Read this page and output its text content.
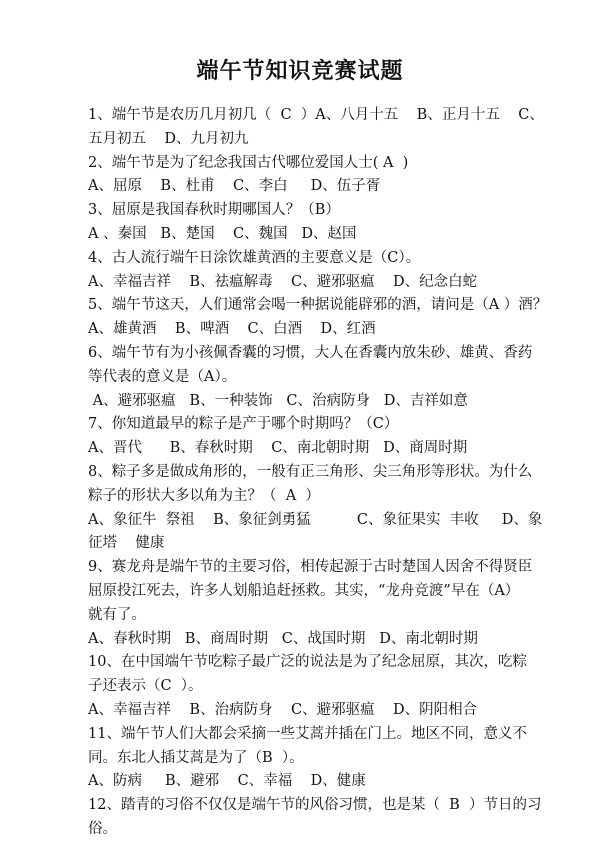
端午节知识竞赛试题
1、端午节是农历几月初几（  C  ）A、八月十五    B、正月十五    C、
五月初五    D、九月初九
2、端午节是为了纪念我国古代哪位爱国人士( A  )
A、屈原    B、杜甫    C、李白     D、伍子胥
3、屈原是我国春秋时期哪国人？（B）
A 、秦国   B、楚国    C、魏国   D、赵国
4、古人流行端午日涂饮雄黄酒的主要意义是（C）。
A、幸福吉祥    B、祛瘟解毒    C、避邪驱瘟    D、纪念白蛇
5、端午节这天，人们通常会喝一种据说能辟邪的酒，请问是（A ）酒？
A、雄黄酒    B、啤酒    C、白酒    D、红酒
6、端午节有为小孩佩香囊的习惯，大人在香囊内放朱砂、雄黄、香药
等代表的意义是（A）。
A、避邪驱瘟   B、一种装饰   C、治病防身   D、吉祥如意
7、你知道最早的粽子是产于哪个时期吗？（C）
A、晋代      B、春秋时期    C、南北朝时期   D、商周时期
8、粽子多是做成角形的，一般有正三角形、尖三角形等形状。为什么
粽子的形状大多以角为主？（  A  ）
A、象征牛  祭祖    B、象征剑勇猛          C、象征果实  丰收     D、象
征塔    健康
9、赛龙舟是端午节的主要习俗，相传起源于古时楚国人因舍不得贤臣
屈原投江死去，许多人划船追赶拯救。其实，“龙舟竞渡”早在（A）
就有了。
A、春秋时期   B、商周时期   C、战国时期   D、南北朝时期
10、在中国端午节吃粽子最广泛的说法是为了纪念屈原，其次，吃粽
子还表示（C  ）。
A、幸福吉祥    B、治病防身    C、避邪驱瘟    D、阴阳相合
11、端午节人们大都会采摘一些艾蒿并插在门上。地区不同，意义不
同。东北人插艾蒿是为了（B  ）。
A、防病     B、避邪    C、幸福    D、健康
12、踏青的习俗不仅仅是端午节的风俗习惯，也是某（  B  ）节日的习
俗。
